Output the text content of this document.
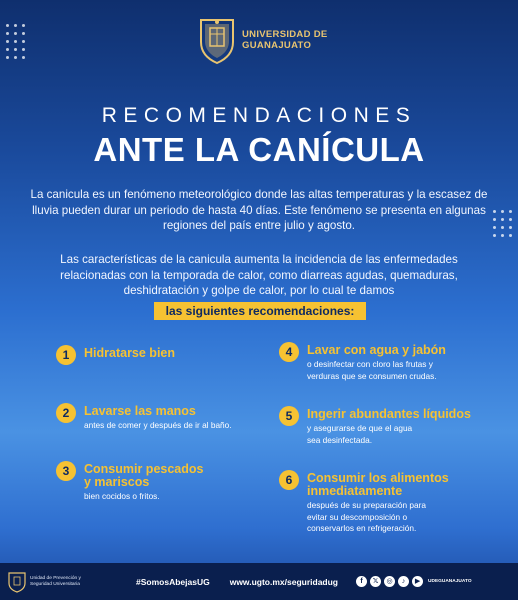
UNIVERSIDAD DE
GUANAJUATO
RECOMENDACIONES
ANTE LA CANÍCULA

La canicula es un fenómeno meteorológico donde las altas temperaturas y la escasez de lluvia pueden durar un periodo de hasta 40 días. Este fenómeno se presenta en algunas regiones del país entre julio y agosto.

Las características de la canicula aumenta la incidencia de las enfermedades relacionadas con la temporada de calor, como diarreas agudas, quemaduras, deshidratación y golpe de calor, por lo cual te damos

las siguientes recomendaciones:
1	Hidratarse bien
2	Lavarse las manos
antes de comer y después de ir al baño.
3	Consumir pescados
y mariscos
bien cocidos o fritos.
4	Lavar con agua y jabón
o desinfectar con cloro las frutas y
verduras que se consumen crudas.
5	Ingerir abundantes líquidos
y asegurarse de que el agua
sea desinfectada.
6	Consumir los alimentos
inmediatamente
después de su preparación para
evitar su descomposición o
conservarlos en refrigeración.
Unidad de Prevención y Seguridad Universitaria	#SomosAbejasUG www.ugto.mx/seguridadug	f	𝕏	◎	♪	▶	UDEGUANAJUATO
